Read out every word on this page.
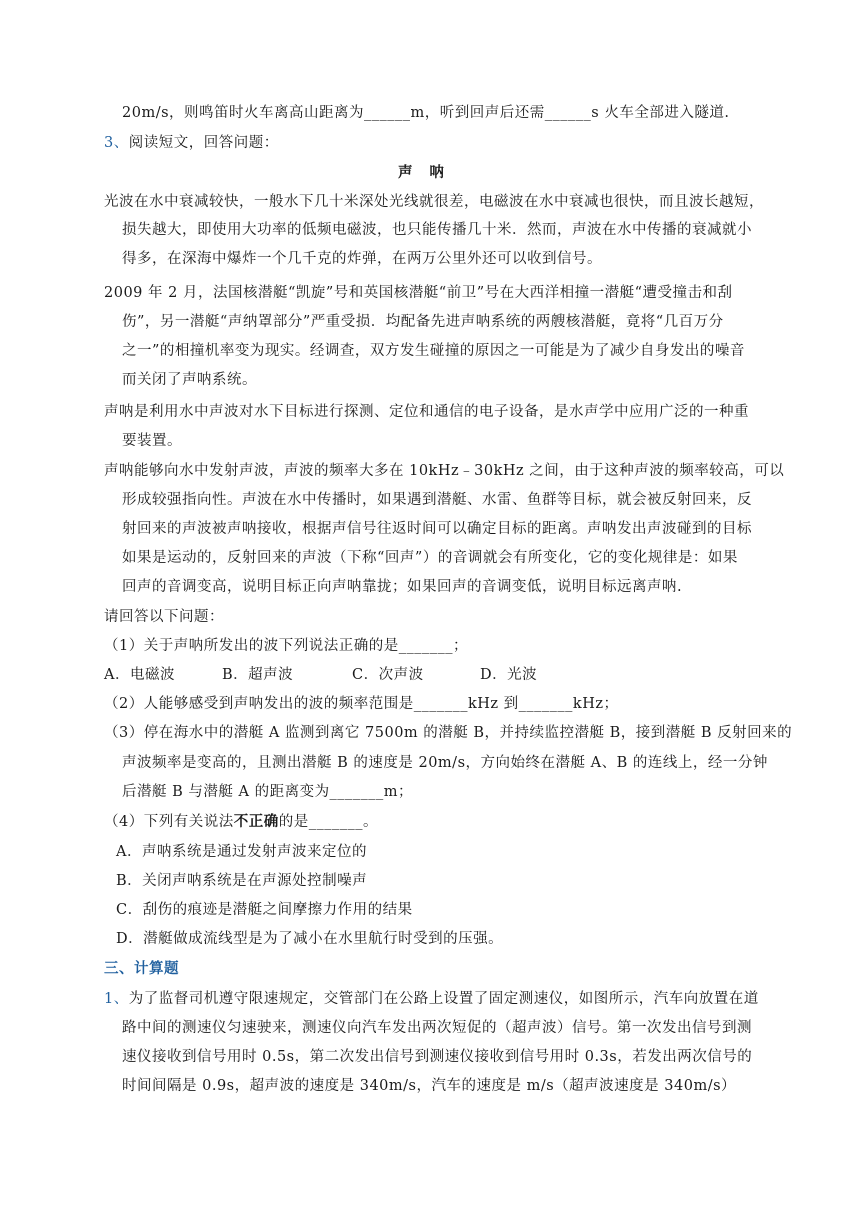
20m/s，则鸣笛时火车离高山距离为______m，听到回声后还需______s 火车全部进入隧道.
3、阅读短文，回答问题：
声 呐
光波在水中衰减较快，一般水下几十米深处光线就很差，电磁波在水中衰减也很快，而且波长越短，
损失越大，即使用大功率的低频电磁波，也只能传播几十米．然而，声波在水中传播的衰减就小
得多，在深海中爆炸一个几千克的炸弹，在两万公里外还可以收到信号。
2009 年 2 月，法国核潜艇“凯旋”号和英国核潜艇“前卫”号在大西洋相撞一潜艇“遭受撞击和刮
伤”，另一潜艇“声纳罩部分”严重受损．均配备先进声呐系统的两艘核潜艇，竟将“几百万分
之一”的相撞机率变为现实。经调查，双方发生碰撞的原因之一可能是为了减少自身发出的噪音
而关闭了声呐系统。
声呐是利用水中声波对水下目标进行探测、定位和通信的电子设备，是水声学中应用广泛的一种重
要装置。
声呐能够向水中发射声波，声波的频率大多在 10kHz﹣30kHz 之间，由于这种声波的频率较高，可以
形成较强指向性。声波在水中传播时，如果遇到潜艇、水雷、鱼群等目标，就会被反射回来，反
射回来的声波被声呐接收，根据声信号往返时间可以确定目标的距离。声呐发出声波碰到的目标
如果是运动的，反射回来的声波（下称“回声”）的音调就会有所变化，它的变化规律是：如果
回声的音调变高，说明目标正向声呐靠拢；如果回声的音调变低，说明目标远离声呐.
请回答以下问题：
（1）关于声呐所发出的波下列说法正确的是_______；
A．电磁波	B．超声波	C．次声波	D．光波
（2）人能够感受到声呐发出的波的频率范围是_______kHz 到_______kHz；
（3）停在海水中的潜艇 A 监测到离它 7500m 的潜艇 B，并持续监控潜艇 B，接到潜艇 B 反射回来的
声波频率是变高的，且测出潜艇 B 的速度是 20m/s，方向始终在潜艇 A、B 的连线上，经一分钟
后潜艇 B 与潜艇 A 的距离变为_______m；
（4）下列有关说法不正确的是_______。
A．声呐系统是通过发射声波来定位的
B．关闭声呐系统是在声源处控制噪声
C．刮伤的痕迹是潜艇之间摩擦力作用的结果
D．潜艇做成流线型是为了减小在水里航行时受到的压强。
三、计算题
1、为了监督司机遵守限速规定，交管部门在公路上设置了固定测速仪，如图所示，汽车向放置在道
路中间的测速仪匀速驶来，测速仪向汽车发出两次短促的（超声波）信号。第一次发出信号到测
速仪接收到信号用时 0.5s，第二次发出信号到测速仪接收到信号用时 0.3s，若发出两次信号的
时间间隔是 0.9s，超声波的速度是 340m/s，汽车的速度是 m/s（超声波速度是 340m/s）
